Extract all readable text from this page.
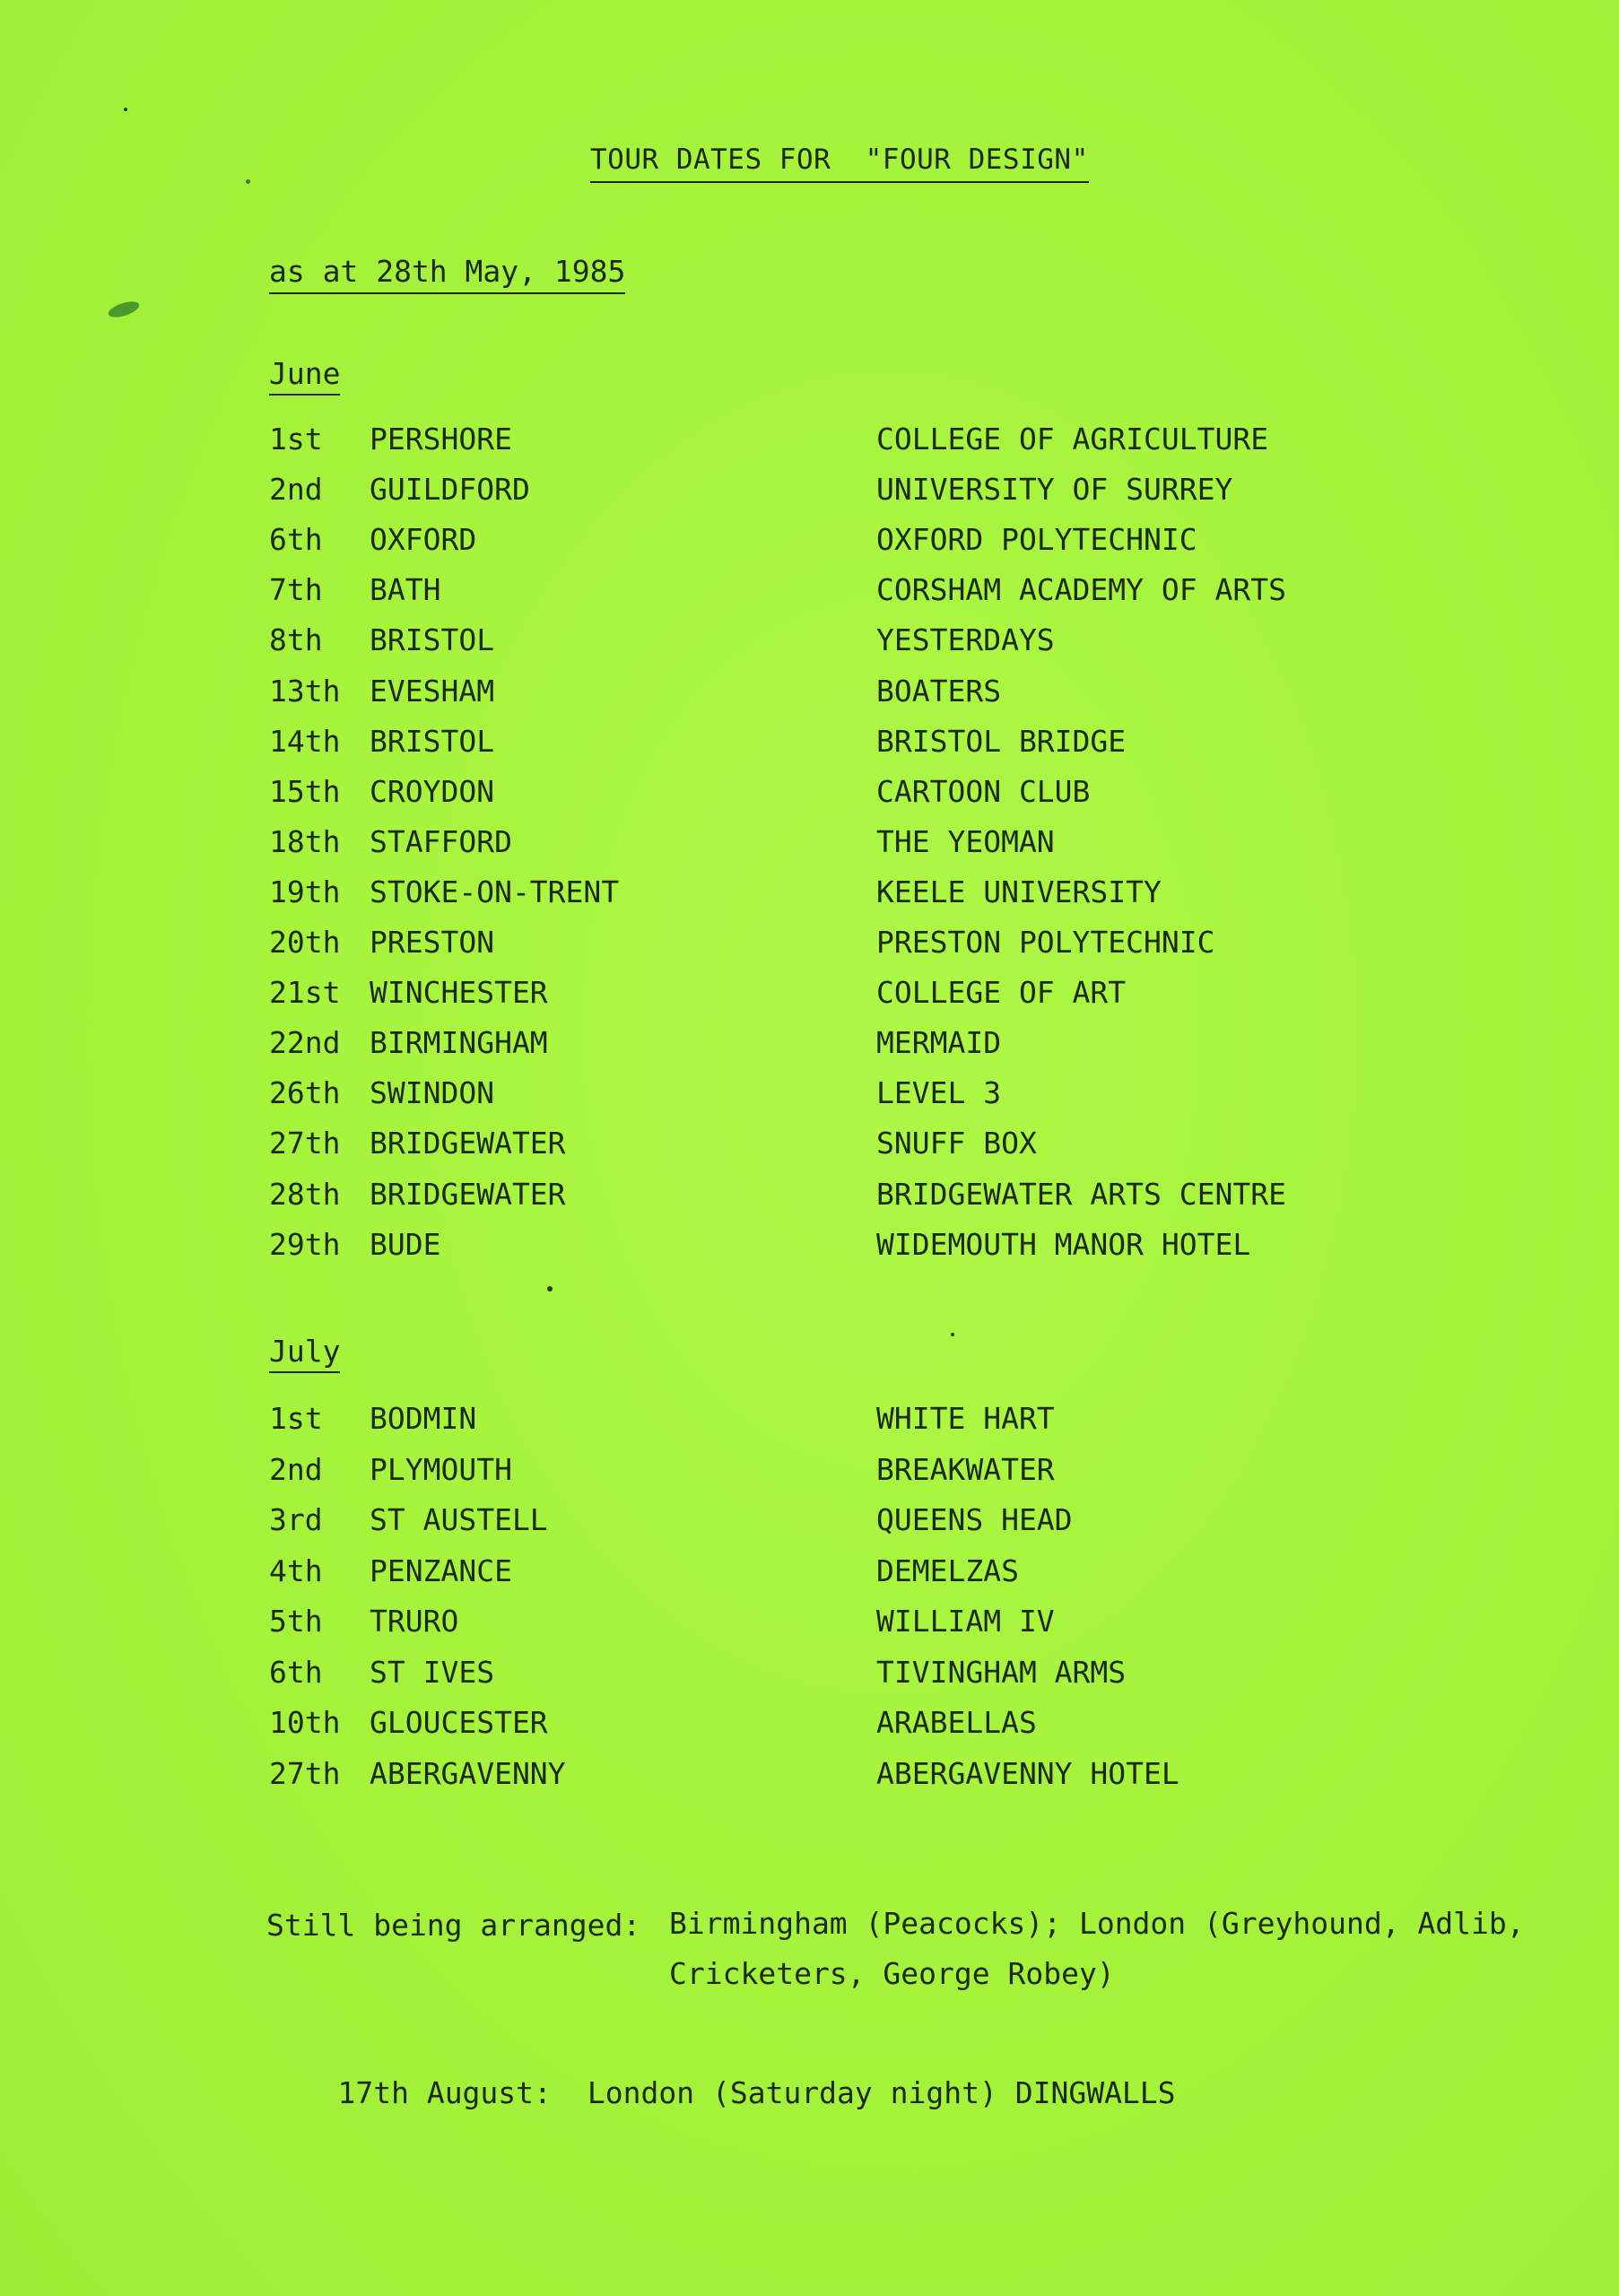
TOUR DATES FOR  "FOUR DESIGN"
as at 28th May, 1985
June
1st PERSHORE	COLLEGE OF AGRICULTURE
2nd GUILDFORD	UNIVERSITY OF SURREY
6th OXFORD	OXFORD POLYTECHNIC
7th BATH	CORSHAM ACADEMY OF ARTS
8th BRISTOL	YESTERDAYS
13th EVESHAM	BOATERS
14th BRISTOL	BRISTOL BRIDGE
15th CROYDON	CARTOON CLUB
18th STAFFORD	THE YEOMAN
19th STOKE-ON-TRENT	KEELE UNIVERSITY
20th PRESTON	PRESTON POLYTECHNIC
21st WINCHESTER	COLLEGE OF ART
22nd BIRMINGHAM	MERMAID
26th SWINDON	LEVEL 3
27th BRIDGEWATER	SNUFF BOX
28th BRIDGEWATER	BRIDGEWATER ARTS CENTRE
29th BUDE	WIDEMOUTH MANOR HOTEL
July
1st BODMIN	WHITE HART
2nd PLYMOUTH	BREAKWATER
3rd ST AUSTELL	QUEENS HEAD
4th PENZANCE	DEMELZAS
5th TRURO	WILLIAM IV
6th ST IVES	TIVINGHAM ARMS
10th GLOUCESTER	ARABELLAS
27th ABERGAVENNY	ABERGAVENNY HOTEL
Still being arranged: Birmingham (Peacocks); London (Greyhound, Adlib,
Cricketers, George Robey)

17th August: London (Saturday night) DINGWALLS
